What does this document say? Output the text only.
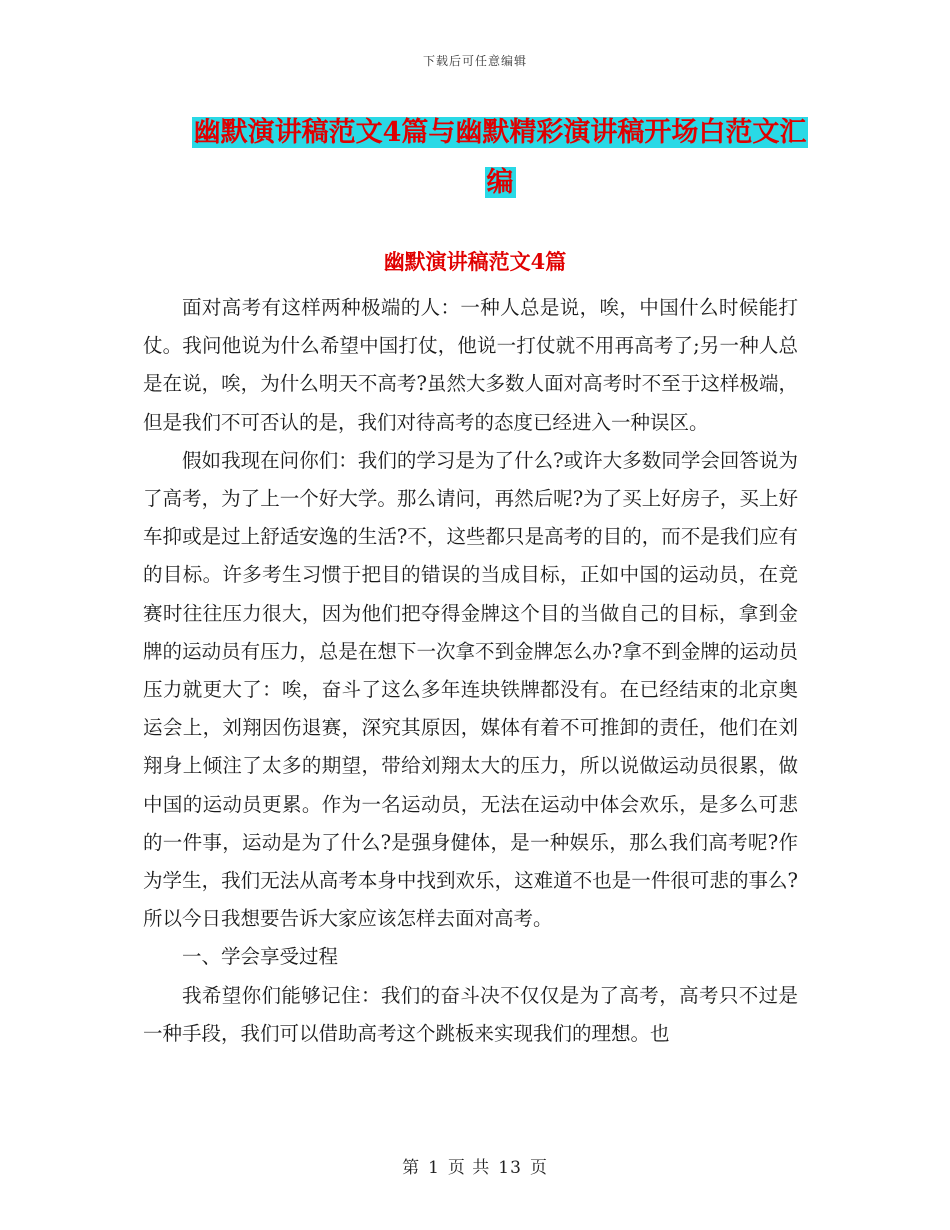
下载后可任意编辑
幽默演讲稿范文4篇与幽默精彩演讲稿开场白范文汇
编
幽默演讲稿范文4篇

面对高考有这样两种极端的人：一种人总是说，唉，中国什么时候能打仗。我问他说为什么希望中国打仗，他说一打仗就不用再高考了;另一种人总是在说，唉，为什么明天不高考?虽然大多数人面对高考时不至于这样极端，但是我们不可否认的是，我们对待高考的态度已经进入一种误区。

假如我现在问你们：我们的学习是为了什么?或许大多数同学会回答说为了高考，为了上一个好大学。那么请问，再然后呢?为了买上好房子，买上好车抑或是过上舒适安逸的生活?不，这些都只是高考的目的，而不是我们应有的目标。许多考生习惯于把目的错误的当成目标，正如中国的运动员，在竞赛时往往压力很大，因为他们把夺得金牌这个目的当做自己的目标，拿到金牌的运动员有压力，总是在想下一次拿不到金牌怎么办?拿不到金牌的运动员压力就更大了：唉，奋斗了这么多年连块铁牌都没有。在已经结束的北京奥运会上，刘翔因伤退赛，深究其原因，媒体有着不可推卸的责任，他们在刘翔身上倾注了太多的期望，带给刘翔太大的压力，所以说做运动员很累，做中国的运动员更累。作为一名运动员，无法在运动中体会欢乐，是多么可悲的一件事，运动是为了什么?是强身健体，是一种娱乐，那么我们高考呢?作为学生，我们无法从高考本身中找到欢乐，这难道不也是一件很可悲的事么?所以今日我想要告诉大家应该怎样去面对高考。

一、学会享受过程

我希望你们能够记住：我们的奋斗决不仅仅是为了高考，高考只不过是一种手段，我们可以借助高考这个跳板来实现我们的理想。也

第 1 页 共 13 页
